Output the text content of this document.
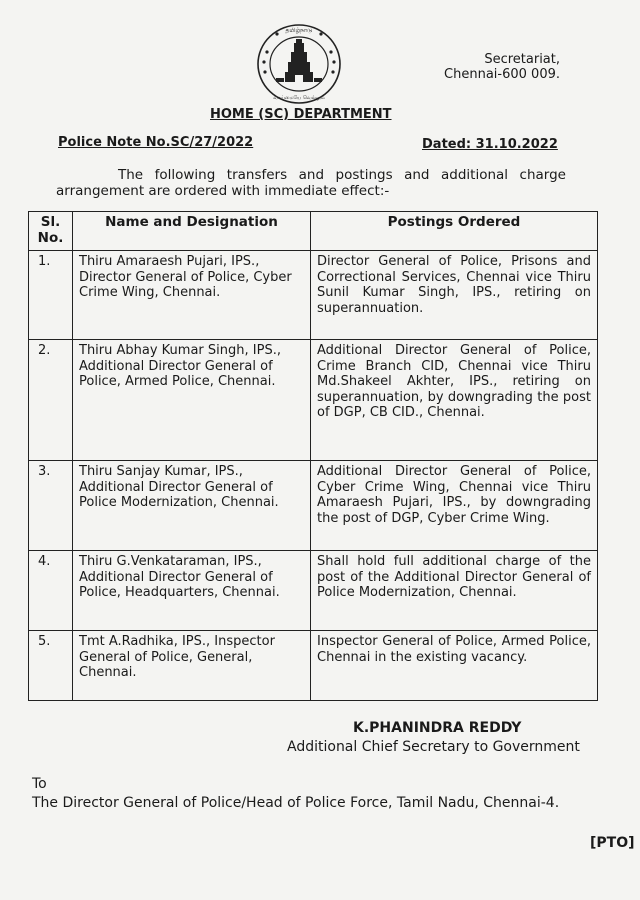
தமிழ்நாடு
வாய்மையே வெல்லும்
Secretariat,
Chennai-600 009.
HOME (SC) DEPARTMENT
Police Note No.SC/27/2022	Dated: 31.10.2022
The following transfers and postings and additional charge arrangement are ordered with immediate effect:-
Sl. No.	Name and Designation	Postings Ordered
1.	Thiru Amaraesh Pujari, IPS., Director General of Police, Cyber Crime Wing, Chennai.	Director General of Police, Prisons and Correctional Services, Chennai vice Thiru Sunil Kumar Singh, IPS., retiring on superannuation.
2.	Thiru Abhay Kumar Singh, IPS., Additional Director General of Police, Armed Police, Chennai.	Additional Director General of Police, Crime Branch CID, Chennai vice Thiru Md.Shakeel Akhter, IPS., retiring on superannuation, by downgrading the post of DGP, CB CID., Chennai.
3.	Thiru Sanjay Kumar, IPS., Additional Director General of Police Modernization, Chennai.	Additional Director General of Police, Cyber Crime Wing, Chennai vice Thiru Amaraesh Pujari, IPS., by downgrading the post of DGP, Cyber Crime Wing.
4.	Thiru G.Venkataraman, IPS., Additional Director General of Police, Headquarters, Chennai.	Shall hold full additional charge of the post of the Additional Director General of Police Modernization, Chennai.
5.	Tmt A.Radhika, IPS., Inspector General of Police, General, Chennai.	Inspector General of Police, Armed Police, Chennai in the existing vacancy.
K.PHANINDRA REDDY
Additional Chief Secretary to Government
To
The Director General of Police/Head of Police Force, Tamil Nadu, Chennai-4.
[PTO]
